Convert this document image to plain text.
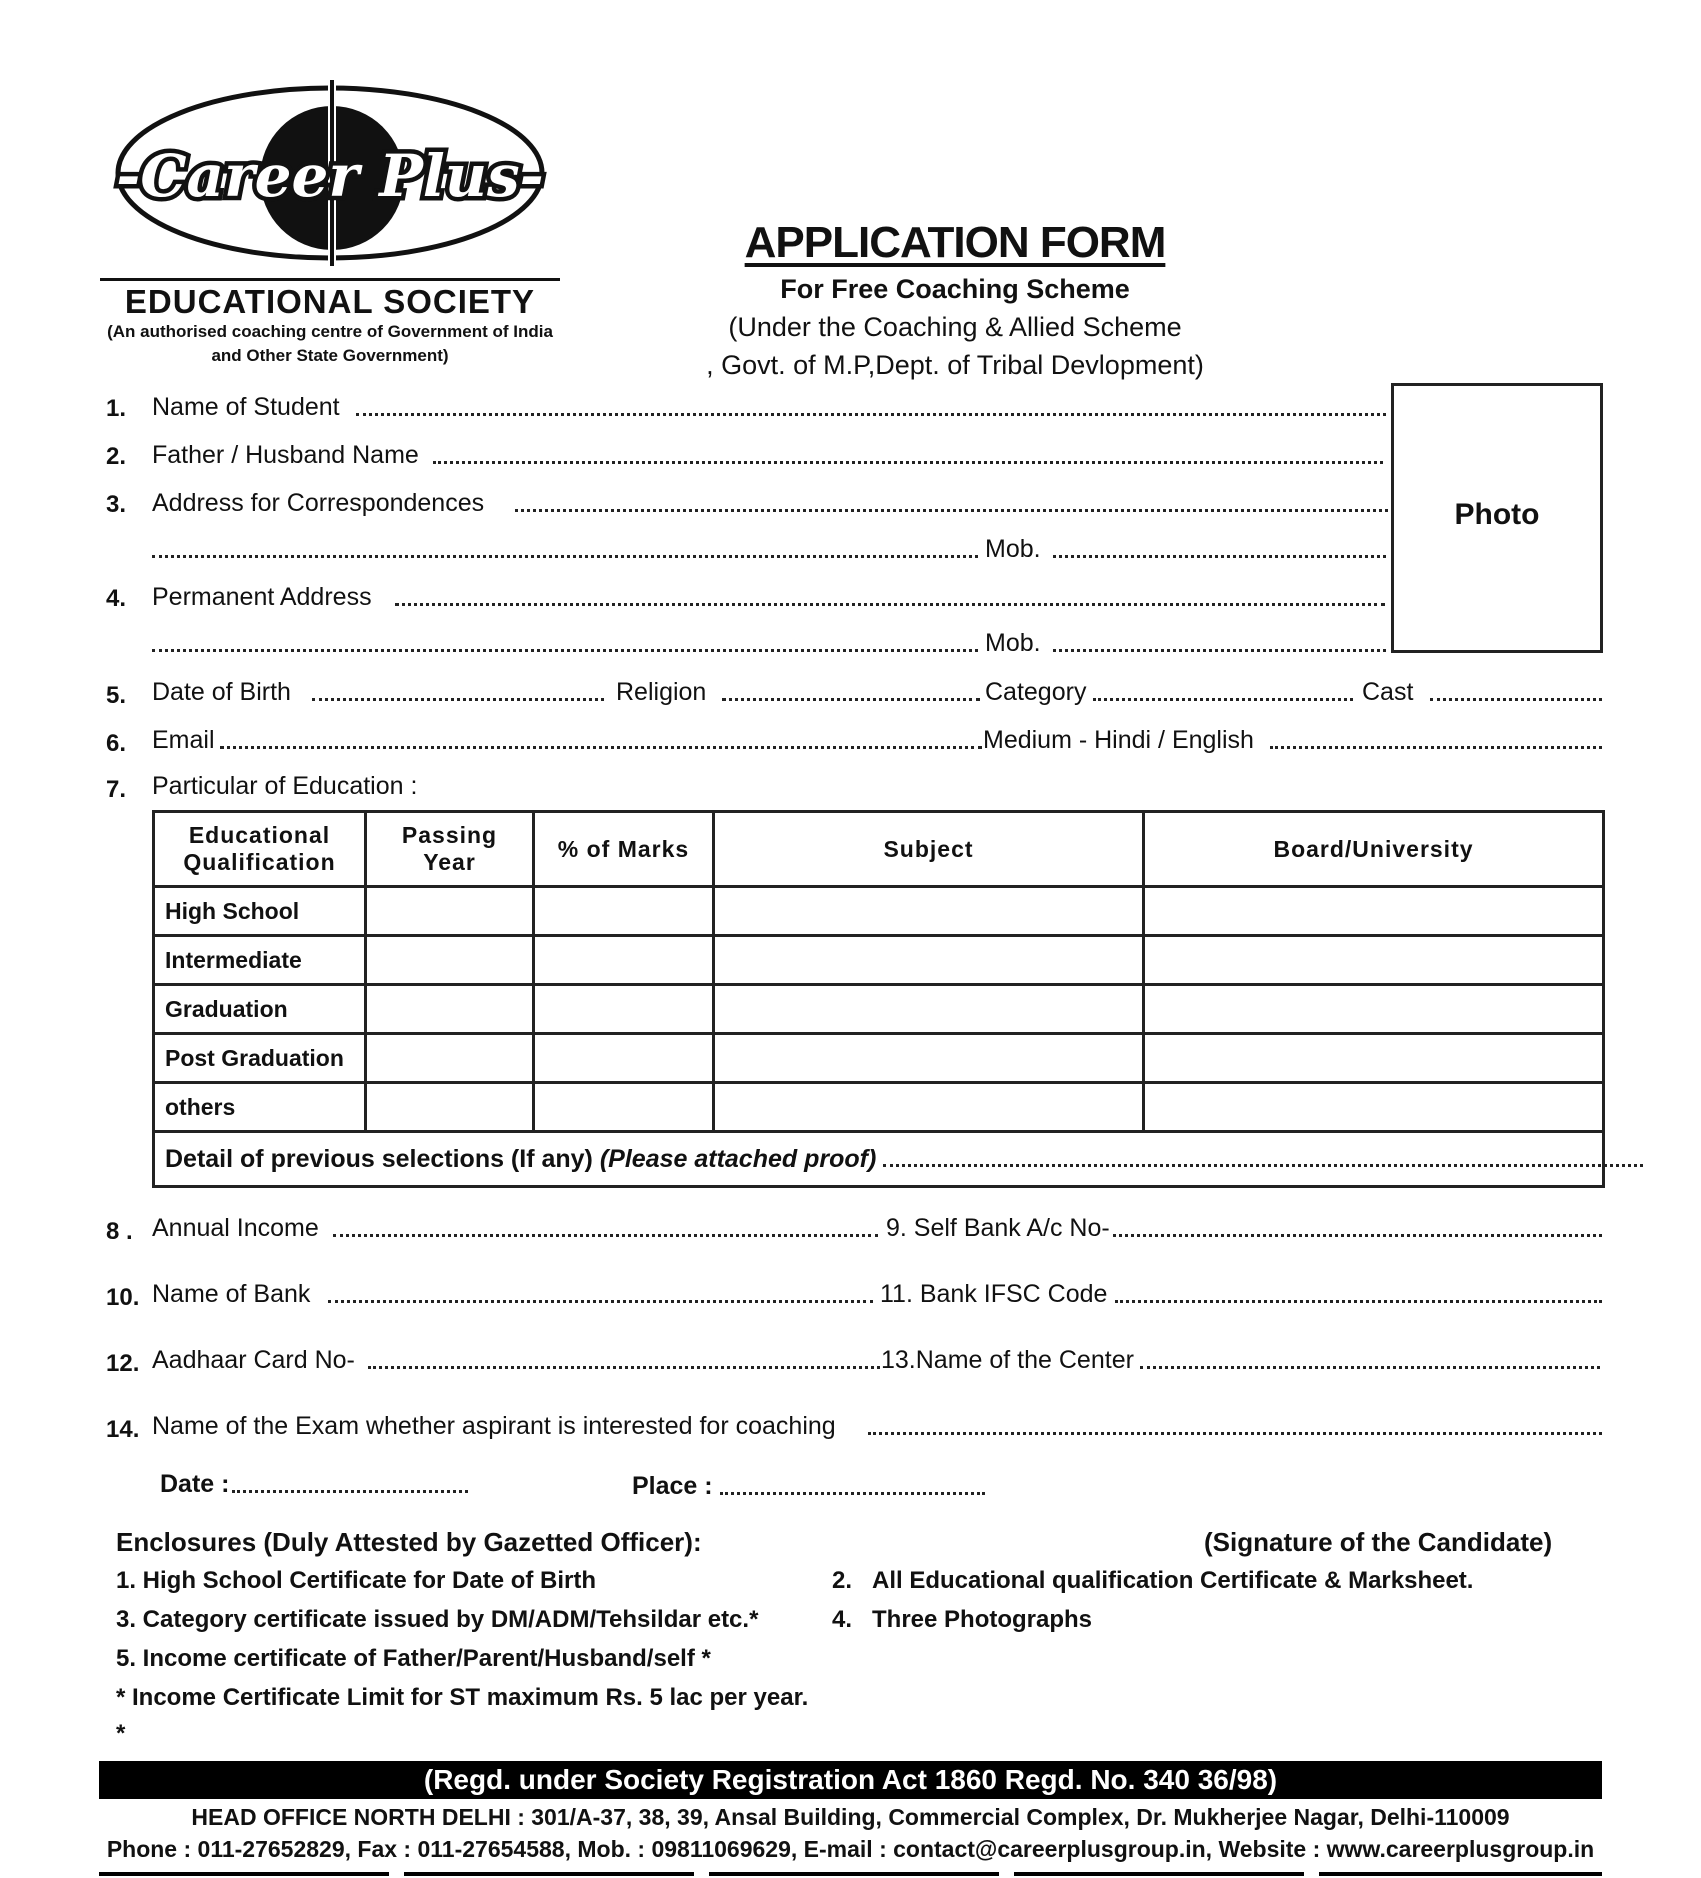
-Career Plus-
EDUCATIONAL SOCIETY
(An authorised coaching centre of Government of India
and Other State Government)
APPLICATION FORM
For Free Coaching Scheme
(Under the Coaching & Allied Scheme
, Govt. of M.P,Dept. of Tribal Devlopment)
Photo
1. Name of Student
2. Father / Husband Name
3. Address for Correspondences
Mob.
4. Permanent Address
Mob.
5. Date of Birth	Religion	Category	Cast
6. Email	Medium - Hindi / English
7. Particular of Education :
Educational Qualification	Passing Year	% of Marks	Subject	Board/University
High School				
Intermediate				
Graduation				
Post Graduation				
others				
Detail of previous selections (If any) (Please attached proof)				
8 . Annual Income	9. Self Bank A/c No-
10. Name of Bank	11. Bank IFSC Code
12. Aadhaar Card No-	13.Name of the Center
14. Name of the Exam whether aspirant is interested for coaching
Date :	Place :
Enclosures (Duly Attested by Gazetted Officer):	(Signature of the Candidate)
1. High School Certificate for Date of Birth	2. All Educational qualification Certificate & Marksheet.
3. Category certificate issued by DM/ADM/Tehsildar etc.*	4. Three Photographs
5. Income certificate of Father/Parent/Husband/self *
* Income Certificate Limit for ST maximum Rs. 5 lac per year.
*
(Regd. under Society Registration Act 1860 Regd. No. 340 36/98)
HEAD OFFICE NORTH DELHI : 301/A-37, 38, 39, Ansal Building, Commercial Complex, Dr. Mukherjee Nagar, Delhi-110009
Phone : 011-27652829, Fax : 011-27654588, Mob. : 09811069629, E-mail : contact@careerplusgroup.in, Website : www.careerplusgroup.in
